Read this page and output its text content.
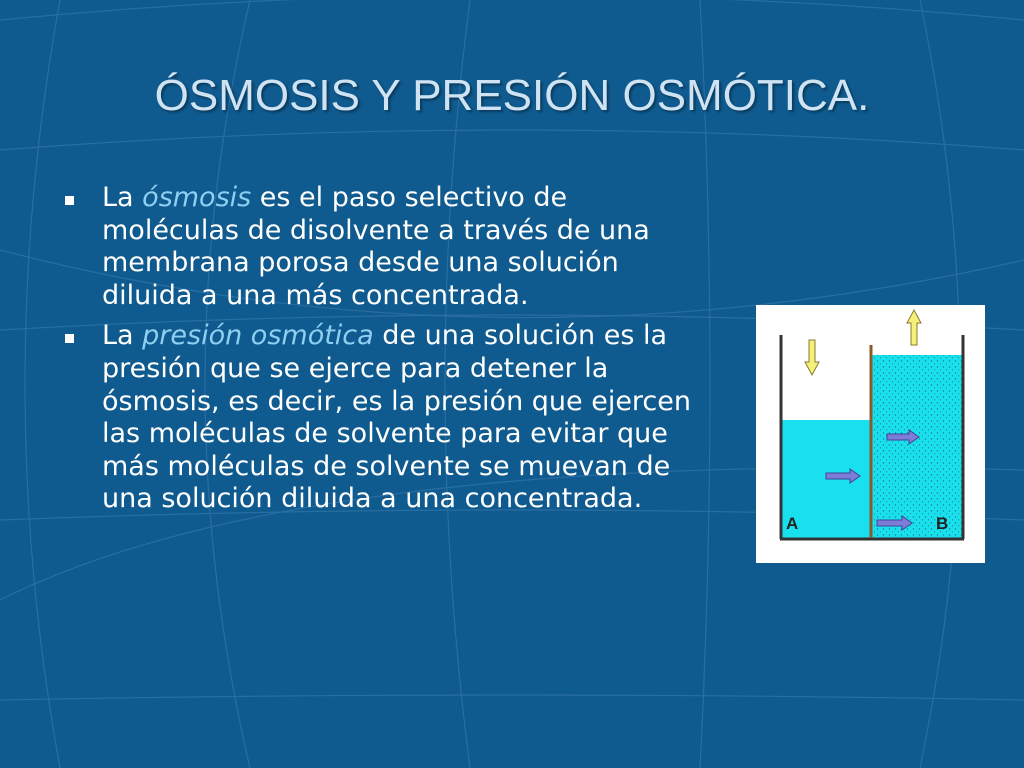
ÓSMOSIS Y PRESIÓN OSMÓTICA.
La ósmosis es el paso selectivo de moléculas de disolvente a través de una membrana porosa desde una solución diluida a una más concentrada.
La presión osmótica de una solución es la presión que se ejerce para detener la ósmosis, es decir, es la presión que ejercen las moléculas de solvente para evitar que más moléculas de solvente se muevan de una solución diluida a una concentrada.
A	B
